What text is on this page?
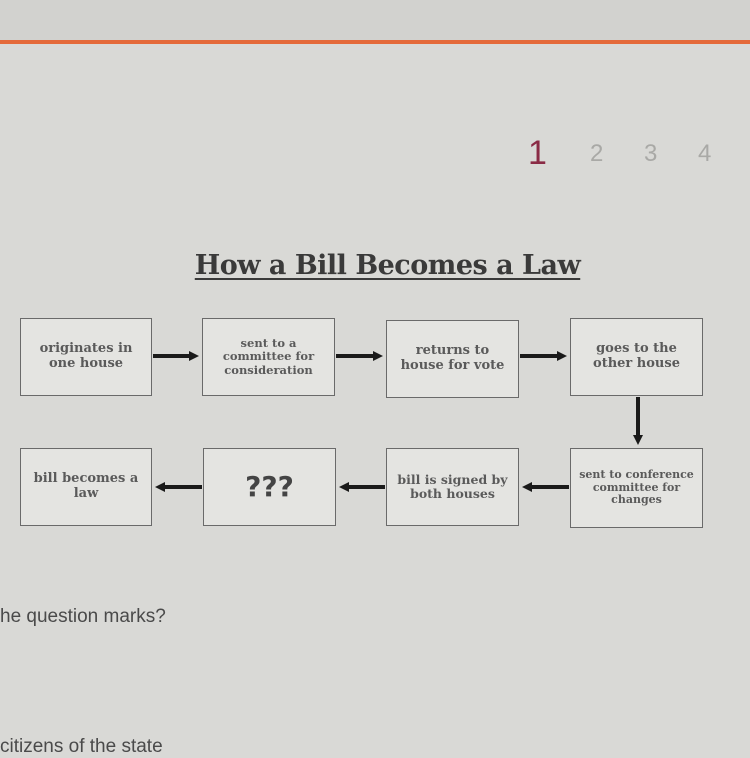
1 2 3 4
How a Bill Becomes a Law
originates in one house
sent to a committee for consideration
returns to house for vote
goes to the other house
bill becomes a law	???	bill is signed by both houses
sent to conference committee for changes
he question marks?
citizens of the state
